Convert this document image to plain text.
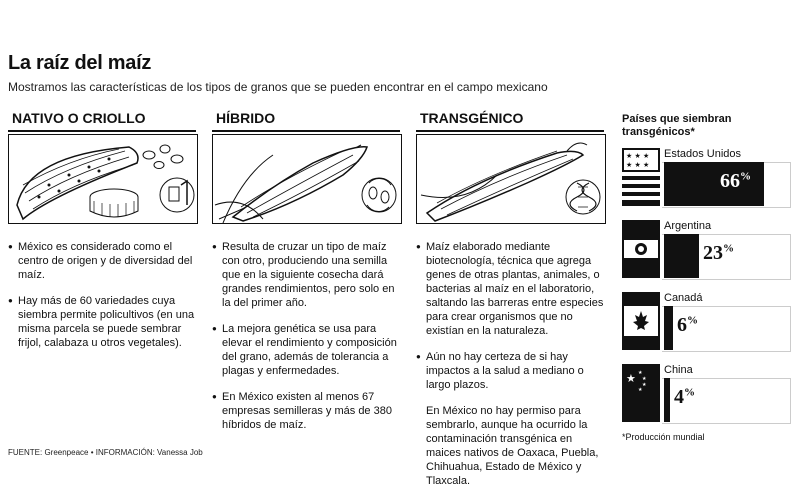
La raíz del maíz
Mostramos las características de los tipos de granos que se pueden encontrar en el campo mexicano
NATIVO O CRIOLLO

● México es considerado como el centro de origen y de diversidad del maíz.

● Hay más de 60 variedades cuya siembra permite policultivos (en una misma parcela se puede sembrar frijol, calabaza u otros vegetales).

HÍBRIDO

● Resulta de cruzar un tipo de maíz con otro, produciendo una semilla que en la siguiente cosecha dará grandes rendimientos, pero solo en la del primer año.

● La mejora genética se usa para elevar el rendimiento y composición del grano, además de tolerancia a plagas y enfermedades.

● En México existen al menos 67 empresas semilleras y más de 380 híbridos de maíz.

TRANSGÉNICO

● Maíz elaborado mediante biotecnología, técnica que agrega genes de otras plantas, animales, o bacterias al maíz en el laboratorio, saltando las barreras entre especies para crear organismos que no existían en la naturaleza.

● Aún no hay certeza de si hay impactos a la salud a mediano o largo plazos.

En México no hay permiso para sembrarlo, aunque ha ocurrido la contaminación transgénica en maices nativos de Oaxaca, Puebla, Chihuahua, Estado de México y Tlaxcala.

Países que siembran transgénicos*
★ ★ ★
★ ★ ★
Estados Unidos
66%
Argentina
23%
Canadá
6%
★ ★
★
★
★
China
4%
*Producción mundial
FUENTE: Greenpeace • INFORMACIÓN: Vanessa Job
